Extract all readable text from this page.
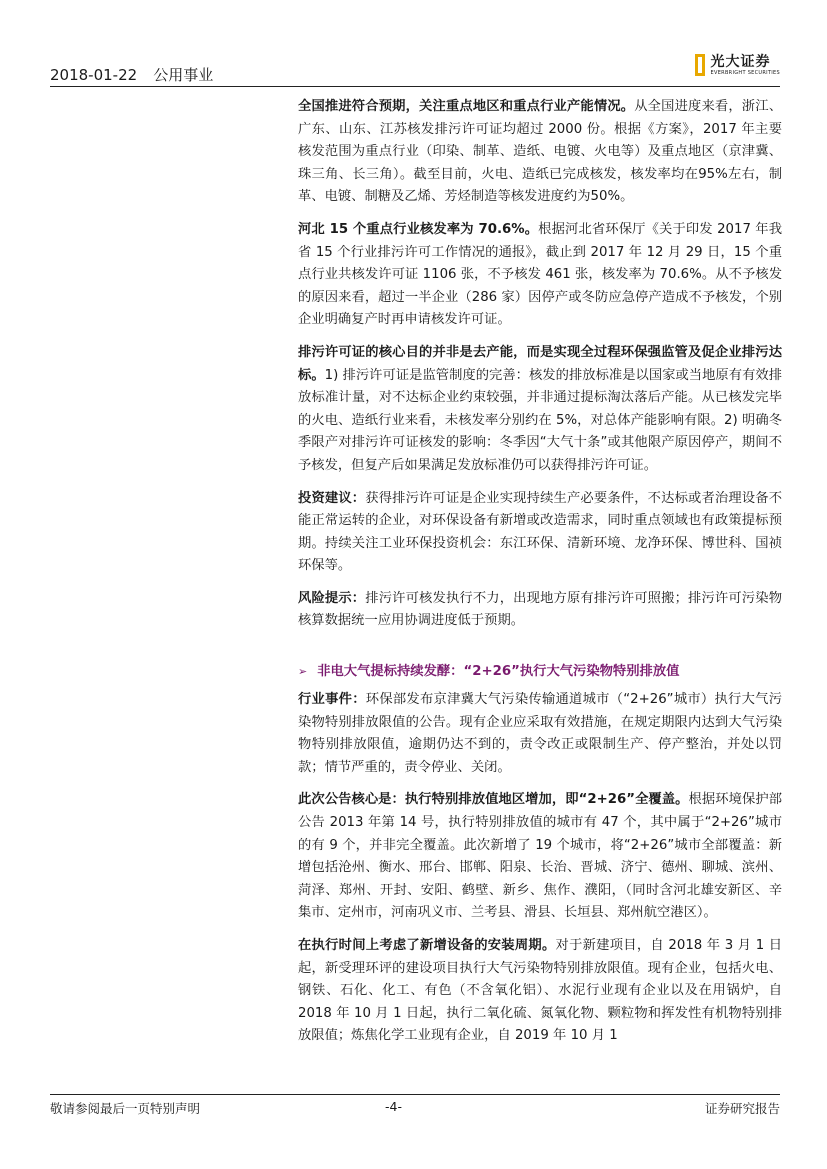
2018-01-22 公用事业
光大证券
EVERBRIGHT SECURITIES

全国推进符合预期，关注重点地区和重点行业产能情况。从全国进度来看，浙江、广东、山东、江苏核发排污许可证均超过 2000 份。根据《方案》，2017 年主要核发范围为重点行业（印染、制革、造纸、电镀、火电等）及重点地区（京津冀、珠三角、长三角）。截至目前，火电、造纸已完成核发，核发率均在95%左右，制革、电镀、制糖及乙烯、芳烃制造等核发进度约为50%。

河北 15 个重点行业核发率为 70.6%。根据河北省环保厅《关于印发 2017 年我省 15 个行业排污许可工作情况的通报》，截止到 2017 年 12 月 29 日，15 个重点行业共核发许可证 1106 张，不予核发 461 张，核发率为 70.6%。从不予核发的原因来看，超过一半企业（286 家）因停产或冬防应急停产造成不予核发，个别企业明确复产时再申请核发许可证。

排污许可证的核心目的并非是去产能，而是实现全过程环保强监管及促企业排污达标。1) 排污许可证是监管制度的完善：核发的排放标准是以国家或当地原有有效排放标准计量，对不达标企业约束较强，并非通过提标淘汰落后产能。从已核发完毕的火电、造纸行业来看，未核发率分别约在 5%，对总体产能影响有限。2) 明确冬季限产对排污许可证核发的影响：冬季因“大气十条”或其他限产原因停产，期间不予核发，但复产后如果满足发放标准仍可以获得排污许可证。

投资建议：获得排污许可证是企业实现持续生产必要条件，不达标或者治理设备不能正常运转的企业，对环保设备有新增或改造需求，同时重点领域也有政策提标预期。持续关注工业环保投资机会：东江环保、清新环境、龙净环保、博世科、国祯环保等。

风险提示：排污许可核发执行不力，出现地方原有排污许可照搬；排污许可污染物核算数据统一应用协调进度低于预期。

➢ 非电大气提标持续发酵：“2+26”执行大气污染物特别排放值

行业事件：环保部发布京津冀大气污染传输通道城市（“2+26”城市）执行大气污染物特别排放限值的公告。现有企业应采取有效措施，在规定期限内达到大气污染物特别排放限值，逾期仍达不到的，责令改正或限制生产、停产整治，并处以罚款；情节严重的，责令停业、关闭。

此次公告核心是：执行特别排放值地区增加，即“2+26”全覆盖。根据环境保护部公告 2013 年第 14 号，执行特别排放值的城市有 47 个，其中属于“2+26”城市的有 9 个，并非完全覆盖。此次新增了 19 个城市，将“2+26”城市全部覆盖：新增包括沧州、衡水、邢台、邯郸、阳泉、长治、晋城、济宁、德州、聊城、滨州、菏泽、郑州、开封、安阳、鹤壁、新乡、焦作、濮阳，（同时含河北雄安新区、辛集市、定州市，河南巩义市、兰考县、滑县、长垣县、郑州航空港区）。

在执行时间上考虑了新增设备的安装周期。对于新建项目，自 2018 年 3 月 1 日起，新受理环评的建设项目执行大气污染物特别排放限值。现有企业，包括火电、钢铁、石化、化工、有色（不含氧化铝）、水泥行业现有企业以及在用锅炉，自 2018 年 10 月 1 日起，执行二氧化硫、氮氧化物、颗粒物和挥发性有机物特别排放限值；炼焦化学工业现有企业，自 2019 年 10 月 1

敬请参阅最后一页特别声明	-4-	证券研究报告
